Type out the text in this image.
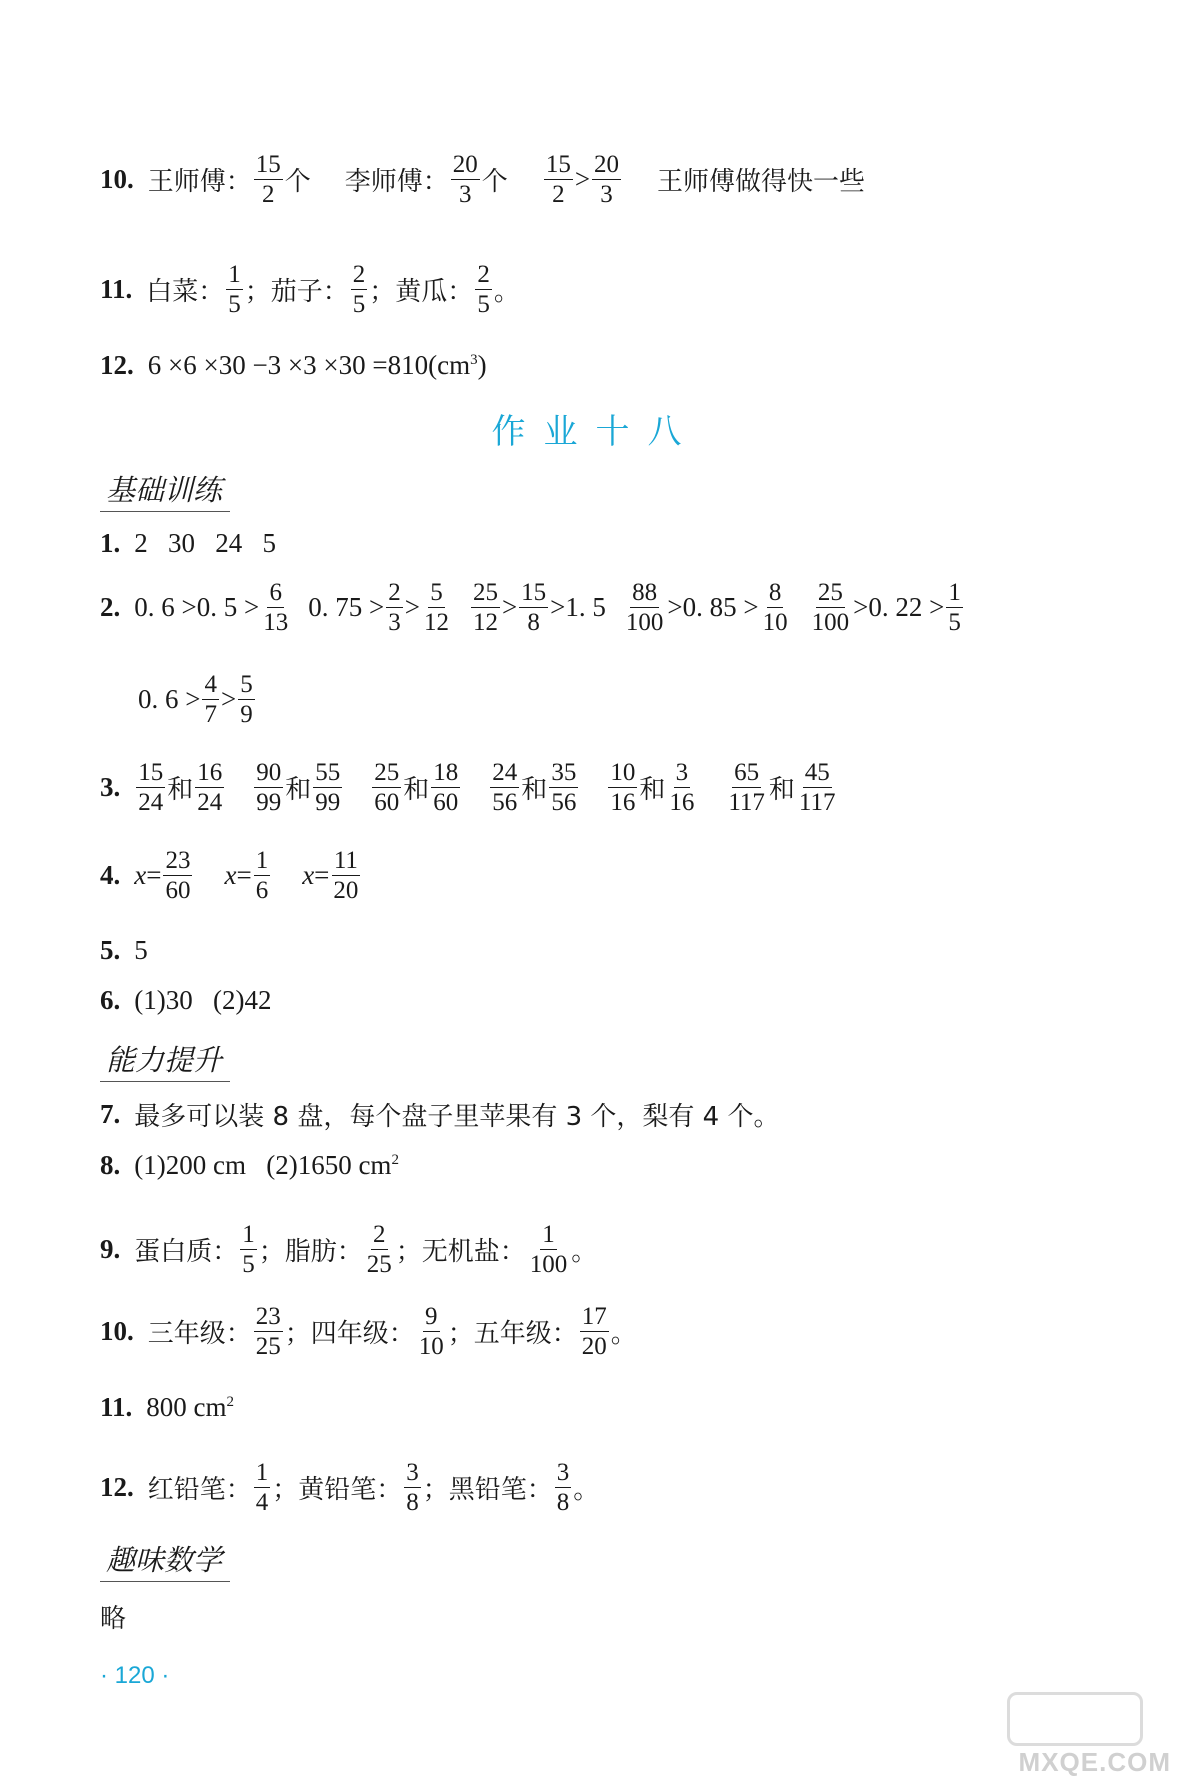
10. 王师傅： $\frac{15}{2}$ 个 李师傅： $\frac{20}{3}$ 个 $\frac{15}{2} > \frac{20}{3}$ 王师傅做得快一些
11. 白菜： $\frac{1}{5}$ ；茄子： $\frac{2}{5}$ ；黄瓜： $\frac{2}{5}$ 。
12. $6 \times 6 \times 30 -3 \times 3 \times 30 =810(cm^3)$
作业十八
基础训练
1. 2   30   24   5
2. 0. 6 >0. $5 > \frac{6}{13} 0$. $75 > \frac{2}{3} > \frac{5}{12} \frac{25}{12} > \frac{15}{8} >1$. $5 \frac{88}{100} >0$. $85 > \frac{8}{10} \frac{25}{100} >0$. $22 > \frac{1}{5}$
0. $6 > \frac{4}{7} > \frac{5}{9}$
3. $\frac{15}{24}$ 和 $\frac{16}{24} \frac{90}{99}$ 和 $\frac{55}{99} \frac{25}{60}$ 和 $\frac{18}{60} \frac{24}{56}$ 和 $\frac{35}{56} \frac{10}{16}$ 和 $\frac{3}{16} \frac{65}{117}$ 和 $\frac{45}{117}$
4. $x = \frac{23}{60}$ $x = \frac{1}{6}$ $x = \frac{11}{20}$
5. 5
6. (1)30   (2)42
能力提升
7. 最多可以装 8 盘，每个盘子里苹果有 3 个，梨有 4 个。
8. (1)200 cm   (2)1650 $cm^2$
9. 蛋白质： $\frac{1}{5}$ ；脂肪： $\frac{2}{25}$ ；无机盐： $\frac{1}{100}$ 。
10. 三年级： $\frac{23}{25}$ ；四年级： $\frac{9}{10}$ ；五年级： $\frac{17}{20}$ 。
11. 800 $cm^2$
12. 红铅笔： $\frac{1}{4}$ ；黄铅笔： $\frac{3}{8}$ ；黑铅笔： $\frac{3}{8}$ 。
趣味数学
略
· 120 ·
MXQE.COM
